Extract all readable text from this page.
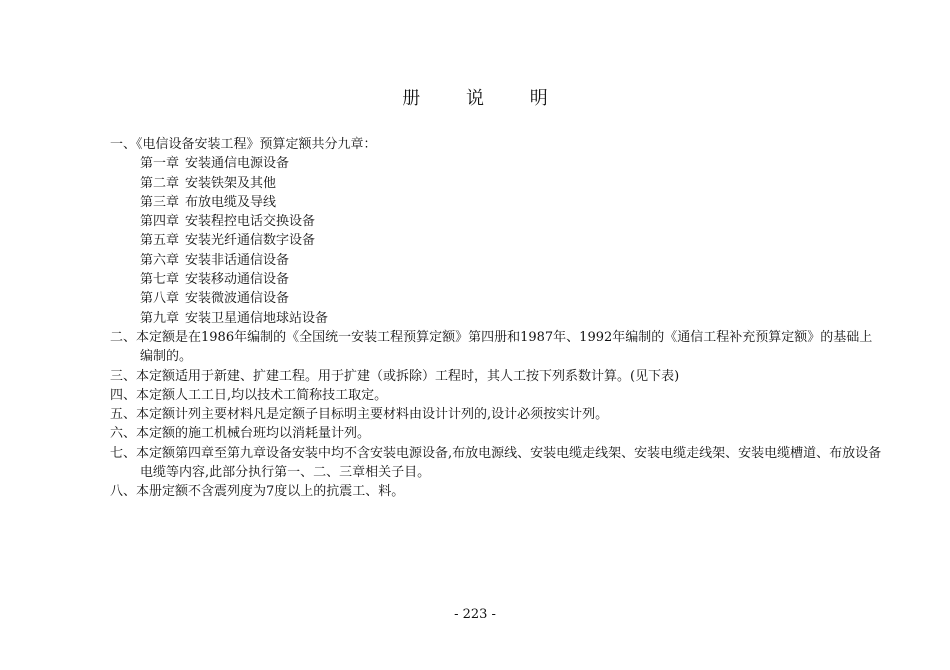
册 说 明

一、《电信设备安装工程》预算定额共分九章：

第一章 安装通信电源设备
第二章 安装铁架及其他
第三章 布放电缆及导线
第四章 安装程控电话交换设备
第五章 安装光纤通信数字设备
第六章 安装非话通信设备
第七章 安装移动通信设备
第八章 安装微波通信设备
第九章 安装卫星通信地球站设备

二、本定额是在1986年编制的《全国统一安装工程预算定额》第四册和1987年、1992年编制的《通信工程补充预算定额》的基础上编制的。

三、本定额适用于新建、扩建工程。用于扩建（或拆除）工程时，其人工按下列系数计算。(见下表)

四、本定额人工工日,均以技术工简称技工取定。

五、本定额计列主要材料凡是定额子目标明主要材料由设计计列的,设计必须按实计列。

六、本定额的施工机械台班均以消耗量计列。

七、本定额第四章至第九章设备安装中均不含安装电源设备,布放电源线、安装电缆走线架、安装电缆走线架、安装电缆槽道、布放设备电缆等内容,此部分执行第一、二、三章相关子目。

八、本册定额不含震列度为7度以上的抗震工、料。

- 223 -
